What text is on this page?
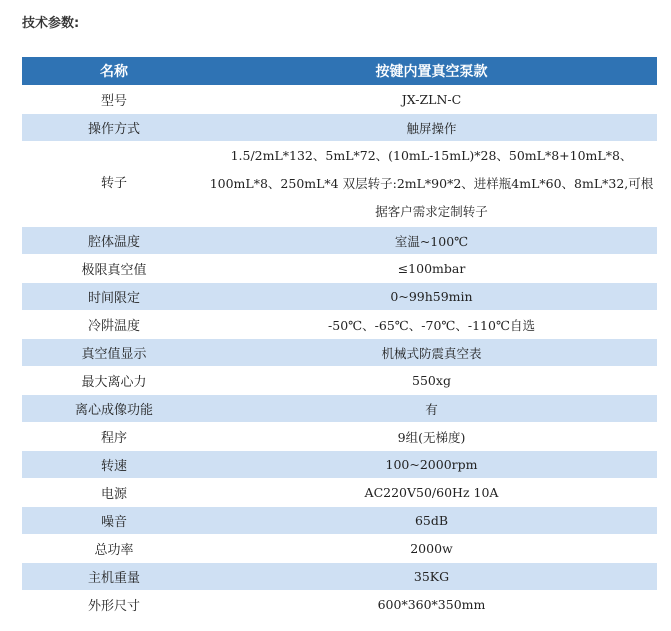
技术参数:
名称	按键内置真空泵款
型号	JX-ZLN-C
操作方式	触屏操作
转子	1.5/2mL*132、5mL*72、(10mL-15mL)*28、50mL*8+10mL*8、100mL*8、250mL*4 双层转子:2mL*90*2、进样瓶4mL*60、8mL*32,可根据客户需求定制转子
腔体温度	室温~100℃
极限真空值	≤100mbar
时间限定	0~99h59min
冷阱温度	-50℃、-65℃、-70℃、-110℃自选
真空值显示	机械式防震真空表
最大离心力	550xg
离心成像功能	有
程序	9组(无梯度)
转速	100~2000rpm
电源	AC220V50/60Hz 10A
噪音	65dB
总功率	2000w
主机重量	35KG
外形尺寸	600*360*350mm
